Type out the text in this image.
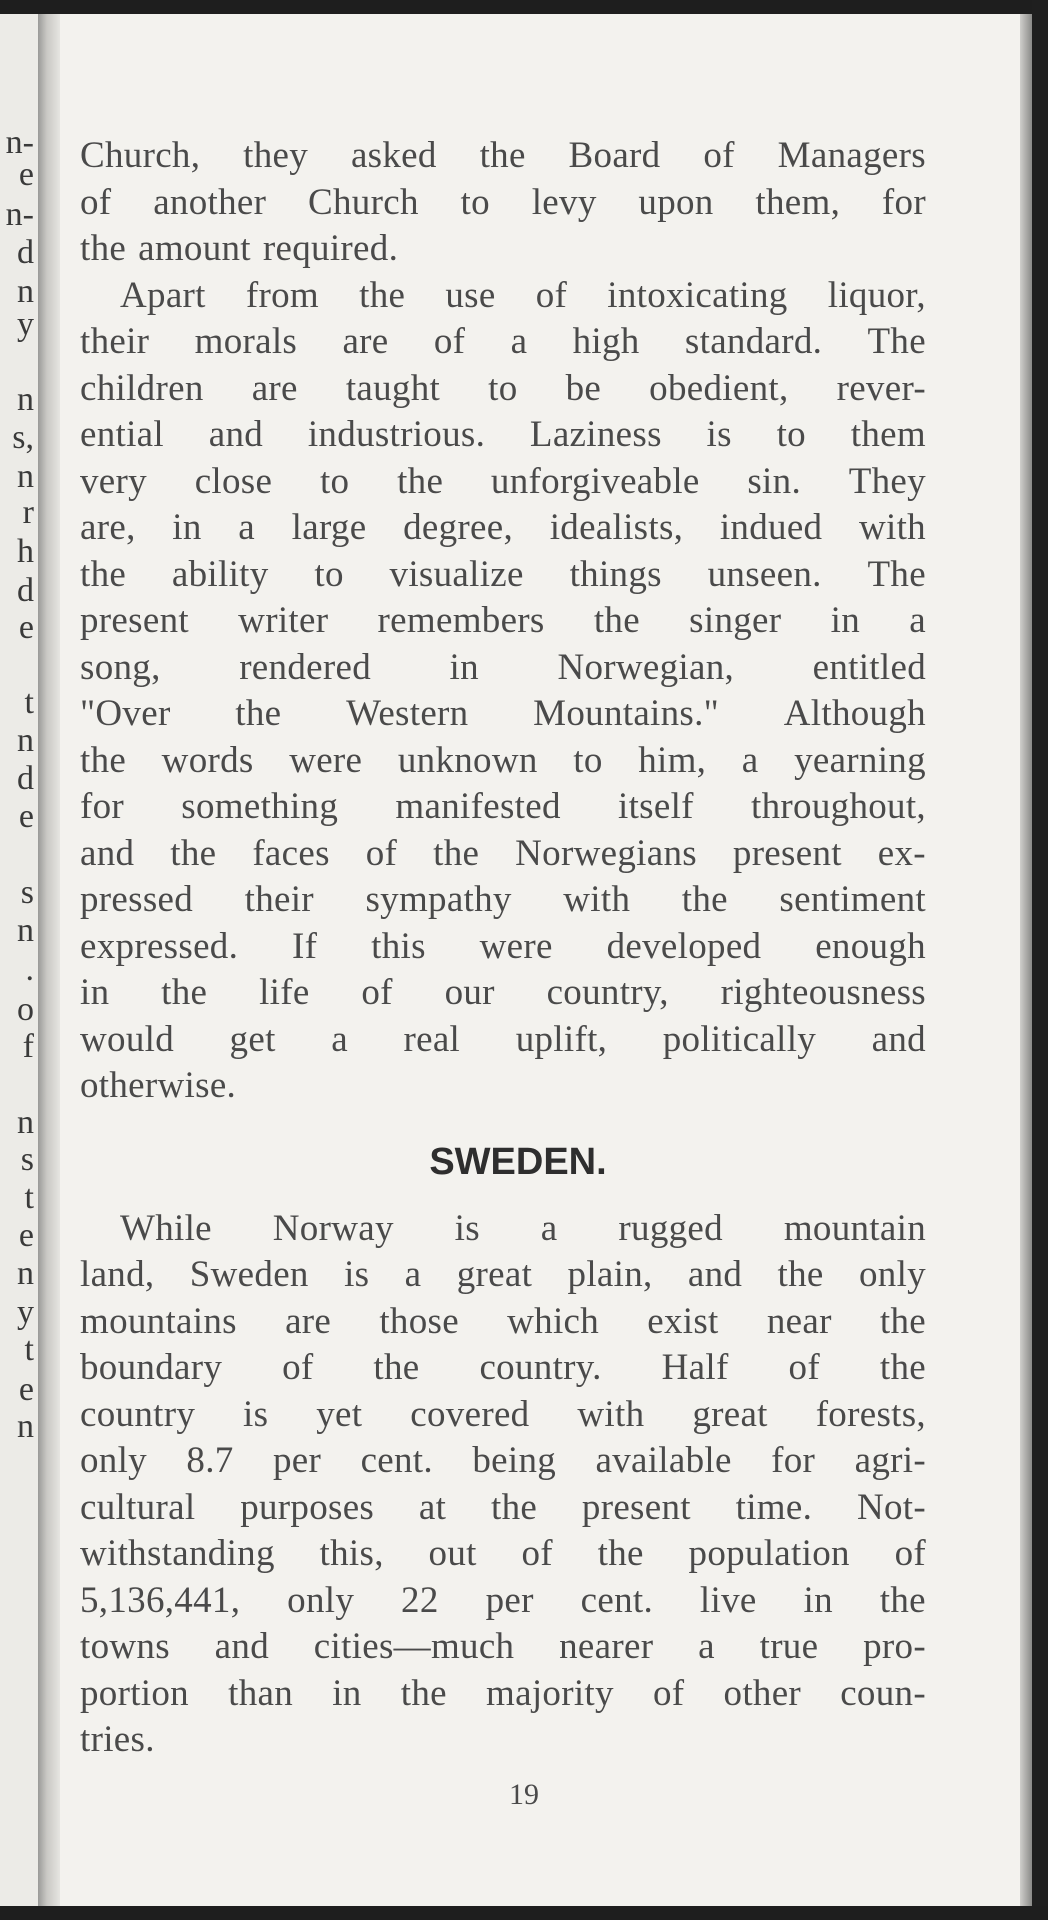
n-
e
n-
d
n
y
n
s,
n
r
h
d
e
t
n
d
e
s
n
.
o
f
n
s
t
e
n
y
t
e
n
Church, they asked the Board of Managers
of another Church to levy upon them, for
the amount required.
Apart from the use of intoxicating liquor,
their morals are of a high standard. The
children are taught to be obedient, rever-
ential and industrious. Laziness is to them
very close to the unforgiveable sin. They
are, in a large degree, idealists, indued with
the ability to visualize things unseen. The
present writer remembers the singer in a
song, rendered in Norwegian, entitled
"Over the Western Mountains." Although
the words were unknown to him, a yearning
for something manifested itself throughout,
and the faces of the Norwegians present ex-
pressed their sympathy with the sentiment
expressed. If this were developed enough
in the life of our country, righteousness
would get a real uplift, politically and
otherwise.
SWEDEN.
While Norway is a rugged mountain
land, Sweden is a great plain, and the only
mountains are those which exist near the
boundary of the country. Half of the
country is yet covered with great forests,
only 8.7 per cent. being available for agri-
cultural purposes at the present time. Not-
withstanding this, out of the population of
5,136,441, only 22 per cent. live in the
towns and cities—much nearer a true pro-
portion than in the majority of other coun-
tries.
19
